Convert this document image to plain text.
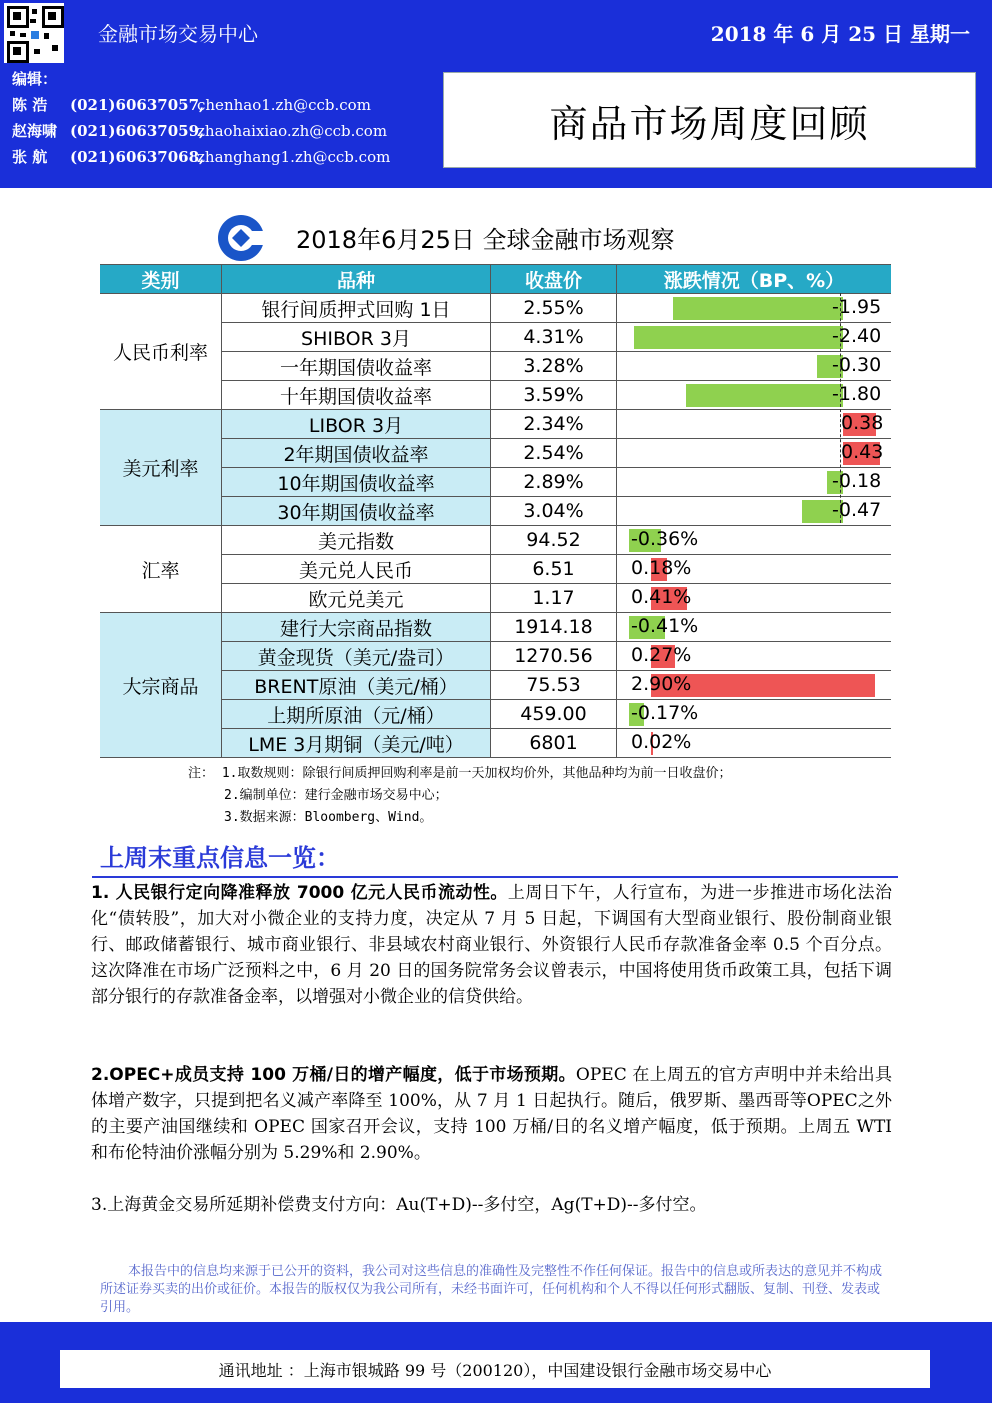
金融市场交易中心	2018 年 6 月 25 日 星期一
编辑：
陈 浩 (021)60637057,chenhao1.zh@ccb.com
赵海啸 (021)60637059,zhaohaixiao.zh@ccb.com
张 航 (021)60637068,zhanghang1.zh@ccb.com
商品市场周度回顾
2018年6月25日 全球金融市场观察
类别	品种	收盘价	涨跌情况（BP、%）
人民币利率	银行间质押式回购 1日	2.55%	-1.95

	SHIBOR 3月	4.31%	-2.40

	一年期国债收益率	3.28%	-0.30

	十年期国债收益率	3.59%	-1.80

美元利率	LIBOR 3月	2.34%	0.38

	2年期国债收益率	2.54%	0.43

	10年期国债收益率	2.89%	-0.18

	30年期国债收益率	3.04%	-0.47

汇率	美元指数	94.52	-0.36%

	美元兑人民币	6.51	0.18%

	欧元兑美元	1.17	0.41%

大宗商品	建行大宗商品指数	1914.18	-0.41%

	黄金现货（美元/盎司）	1270.56	0.27%

	BRENT原油（美元/桶）	75.53	2.90%

	上期所原油（元/桶）	459.00	-0.17%

	LME 3月期铜（美元/吨）	6801	0.02%
注： 1.取数规则：除银行间质押回购利率是前一天加权均价外，其他品种均为前一日收盘价；
2.编制单位：建行金融市场交易中心；
3.数据来源：Bloomberg、Wind。
上周末重点信息一览：
1. 人民银行定向降准释放 7000 亿元人民币流动性。上周日下午，人行宣布，为进一步推进市场化法治化“债转股”，加大对小微企业的支持力度，决定从 7 月 5 日起，下调国有大型商业银行、股份制商业银行、邮政储蓄银行、城市商业银行、非县域农村商业银行、外资银行人民币存款准备金率 0.5 个百分点。这次降准在市场广泛预料之中，6 月 20 日的国务院常务会议曾表示，中国将使用货币政策工具，包括下调部分银行的存款准备金率，以增强对小微企业的信贷供给。
2.OPEC+成员支持 100 万桶/日的增产幅度，低于市场预期。OPEC 在上周五的官方声明中并未给出具体增产数字，只提到把名义减产率降至 100%，从 7 月 1 日起执行。随后，俄罗斯、墨西哥等OPEC之外的主要产油国继续和 OPEC 国家召开会议，支持 100 万桶/日的名义增产幅度，低于预期。上周五 WTI 和布伦特油价涨幅分别为 5.29%和 2.90%。
3.上海黄金交易所延期补偿费支付方向：Au(T+D)--多付空，Ag(T+D)--多付空。
本报告中的信息均来源于已公开的资料，我公司对这些信息的准确性及完整性不作任何保证。报告中的信息或所表达的意见并不构成所述证券买卖的出价或征价。本报告的版权仅为我公司所有，未经书面许可，任何机构和个人不得以任何形式翻版、复制、刊登、发表或引用。
通讯地址 ：上海市银城路 99 号（200120），中国建设银行金融市场交易中心
